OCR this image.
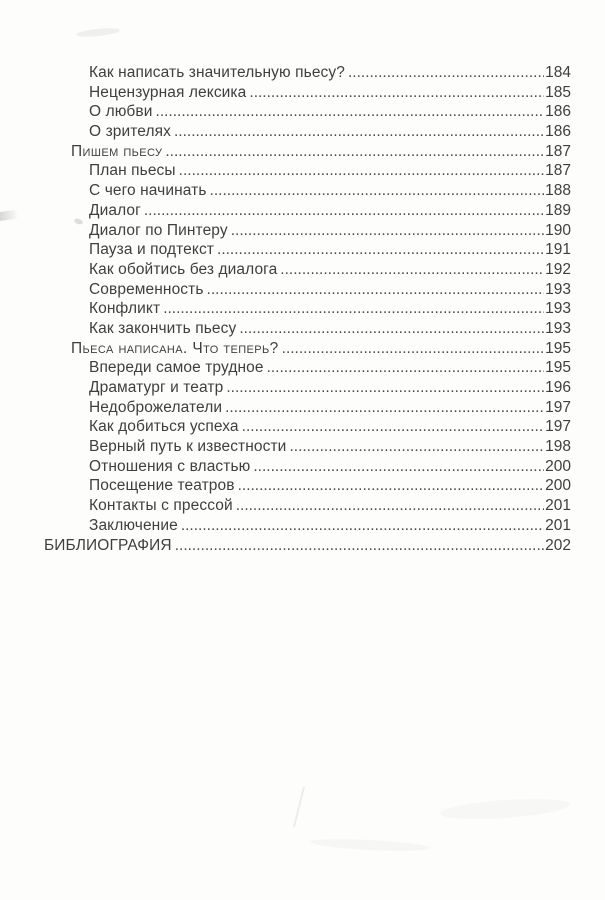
Как написать значительную пьесу? .....	184
Нецензурная лексика .....	185
О любви .....	186
О зрителях .....	186
Пишем пьесу .....	187
План пьесы .....	187
С чего начинать .....	188
Диалог .....	189
Диалог по Пинтеру .....	190
Пауза и подтекст .....	191
Как обойтись без диалога .....	192
Современность .....	193
Конфликт .....	193
Как закончить пьесу .....	193
Пьеса написана. Что теперь? .....	195
Впереди самое трудное .....	195
Драматург и театр .....	196
Недоброжелатели .....	197
Как добиться успеха .....	197
Верный путь к известности .....	198
Отношения с властью .....	200
Посещение театров .....	200
Контакты с прессой .....	201
Заключение .....	201
БИБЛИОГРАФИЯ .....	202
